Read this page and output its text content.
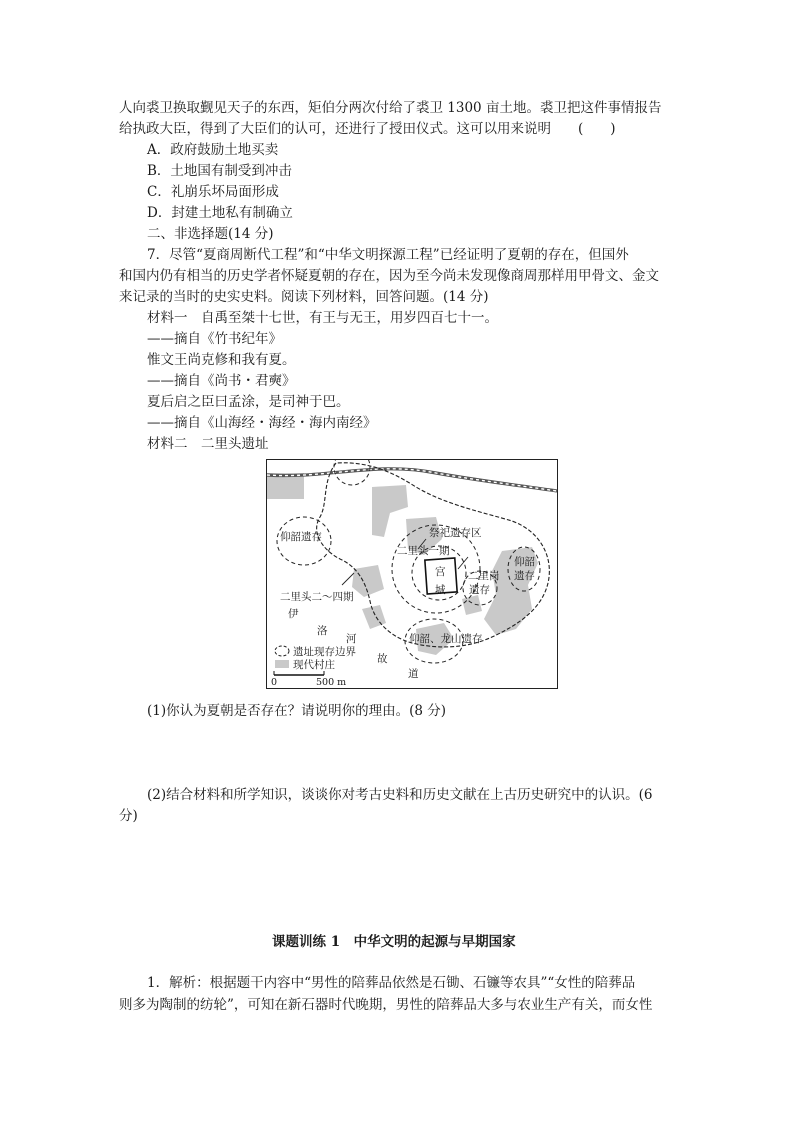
人向裘卫换取觐见天子的东西，矩伯分两次付给了裘卫 1300 亩土地。裘卫把这件事情报告
给执政大臣，得到了大臣们的认可，还进行了授田仪式。这可以用来说明　　(　　)
A．政府鼓励土地买卖
B．土地国有制受到冲击
C．礼崩乐坏局面形成
D．封建土地私有制确立
二、非选择题(14 分)
7．尽管“夏商周断代工程”和“中华文明探源工程”已经证明了夏朝的存在，但国外
和国内仍有相当的历史学者怀疑夏朝的存在，因为至今尚未发现像商周那样用甲骨文、金文
来记录的当时的史实史料。阅读下列材料，回答问题。(14 分)
材料一　自禹至桀十七世，有王与无王，用岁四百七十一。
——摘自《竹书纪年》
惟文王尚克修和我有夏。
——摘自《尚书・君奭》
夏后启之臣曰孟涂，是司神于巴。
——摘自《山海经・海经・海内南经》
材料二　二里头遗址
仰韶遗存	祭祀遗存区
二里头一期
宫
城
二里岗
遗存
仰韶
遗存
二里头二～四期
伊
洛
河
故
道
仰韶、龙山遗存
遗址现存边界
现代村庄
0	500 m
(1)你认为夏朝是否存在？请说明你的理由。(8 分)
(2)结合材料和所学知识，谈谈你对考古史料和历史文献在上古历史研究中的认识。(6
分)
课题训练 1　中华文明的起源与早期国家
1．解析：根据题干内容中“男性的陪葬品依然是石锄、石镰等农具”“女性的陪葬品
则多为陶制的纺轮”，可知在新石器时代晚期，男性的陪葬品大多与农业生产有关，而女性
